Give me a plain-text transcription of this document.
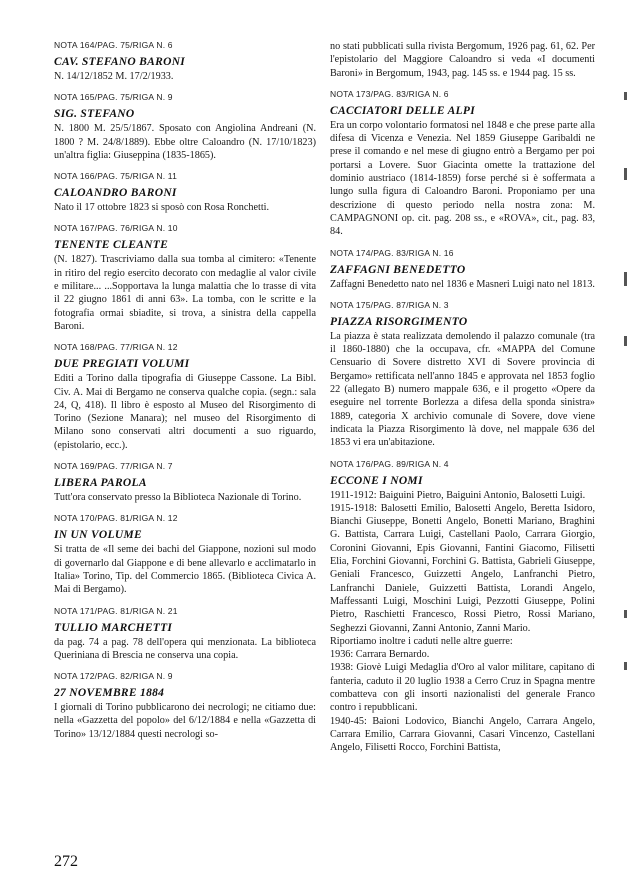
NOTA 164/PAG. 75/RIGA N. 6
CAV. STEFANO BARONI

N. 14/12/1852 M. 17/2/1933.

NOTA 165/PAG. 75/RIGA N. 9
SIG. STEFANO

N. 1800 M. 25/5/1867. Sposato con Angiolina Andreani (N. 1800 ? M. 24/8/1889). Ebbe oltre Caloandro (N. 17/10/1823) un'altra figlia: Giuseppina (1835-1865).

NOTA 166/PAG. 75/RIGA N. 11
CALOANDRO BARONI

Nato il 17 ottobre 1823 si sposò con Rosa Ronchetti.

NOTA 167/PAG. 76/RIGA N. 10
TENENTE CLEANTE

(N. 1827). Trascriviamo dalla sua tomba al cimitero: «Tenente in ritiro del regio esercito decorato con medaglie al valor civile e militare... ...Sopportava la lunga malattia che lo trasse di vita il 22 giugno 1861 di anni 63». La tomba, con le scritte e la fotografia ormai sbiadite, si trova, a sinistra della cappella Baroni.

NOTA 168/PAG. 77/RIGA N. 12
DUE PREGIATI VOLUMI

Editi a Torino dalla tipografia di Giuseppe Cassone. La Bibl. Civ. A. Mai di Bergamo ne conserva qualche copia. (segn.: sala 24, Q, 418). Il libro è esposto al Museo del Risorgimento di Torino (Sezione Manara); nel museo del Risorgimento di Milano sono conservati altri documenti a suo riguardo, (epistolario, ecc.).

NOTA 169/PAG. 77/RIGA N. 7
LIBERA PAROLA

Tutt'ora conservato presso la Biblioteca Nazionale di Torino.

NOTA 170/PAG. 81/RIGA N. 12
IN UN VOLUME

Si tratta de «Il seme dei bachi del Giappone, nozioni sul modo di governarlo dal Giappone e di bene allevarlo e acclimatarlo in Italia» Torino, Tip. del Commercio 1865. (Biblioteca Civica A. Mai di Bergamo).

NOTA 171/PAG. 81/RIGA N. 21
TULLIO MARCHETTI

da pag. 74 a pag. 78 dell'opera qui menzionata. La biblioteca Queriniana di Brescia ne conserva una copia.

NOTA 172/PAG. 82/RIGA N. 9
27 NOVEMBRE 1884

I giornali di Torino pubblicarono dei necrologi; ne citiamo due: nella «Gazzetta del popolo» del 6/12/1884 e nella «Gazzetta di Torino» 13/12/1884 questi necrologi so-

no stati pubblicati sulla rivista Bergomum, 1926 pag. 61, 62. Per l'epistolario del Maggiore Caloandro si veda «I documenti Baroni» in Bergomum, 1943, pag. 145 ss. e 1944 pag. 15 ss.

NOTA 173/PAG. 83/RIGA N. 6
CACCIATORI DELLE ALPI

Era un corpo volontario formatosi nel 1848 e che prese parte alla difesa di Vicenza e Venezia. Nel 1859 Giuseppe Garibaldi ne prese il comando e nel mese di giugno entrò a Bergamo per poi portarsi a Lovere. Suor Giacinta omette la trattazione del dominio austriaco (1814-1859) forse perché si è soffermata a lungo sulla figura di Caloandro Baroni. Proponiamo per una descrizione di questo periodo nella nostra zona: M. CAMPAGNONI op. cit. pag. 208 ss., e «ROVA», cit., pag. 83, 84.

NOTA 174/PAG. 83/RIGA N. 16
ZAFFAGNI BENEDETTO

Zaffagni Benedetto nato nel 1836 e Masneri Luigi nato nel 1813.

NOTA 175/PAG. 87/RIGA N. 3
PIAZZA RISORGIMENTO

La piazza è stata realizzata demolendo il palazzo comunale (tra il 1860-1880) che la occupava, cfr. «MAPPA del Comune Censuario di Sovere distretto XVI di Sovere provincia di Bergamo» rettificata nell'anno 1845 e approvata nel 1853 foglio 22 (allegato B) numero mappale 636, e il progetto «Opere da eseguire nel torrente Borlezza a difesa della sponda sinistra» 1889, categoria X archivio comunale di Sovere, dove viene indicata la Piazza Risorgimento là dove, nel mappale 636 del 1853 vi era un'abitazione.

NOTA 176/PAG. 89/RIGA N. 4
ECCONE I NOMI

1911-1912: Baiguini Pietro, Baiguini Antonio, Balosetti Luigi.

1915-1918: Balosetti Emilio, Balosetti Angelo, Beretta Isidoro, Bianchi Giuseppe, Bonetti Angelo, Bonetti Mariano, Braghini G. Battista, Carrara Luigi, Castellani Paolo, Carrara Giorgio, Coronini Giovanni, Epis Giovanni, Fantini Giacomo, Filisetti Elia, Forchini Giovanni, Forchini G. Battista, Gabrieli Giuseppe, Geniali Francesco, Guizzetti Angelo, Lanfranchi Pietro, Lanfranchi Daniele, Guizzetti Battista, Lorandi Angelo, Maffessanti Luigi, Moschini Luigi, Pezzotti Giuseppe, Polini Pietro, Raschietti Francesco, Rossi Pietro, Rossi Mariano, Seghezzi Giovanni, Zanni Antonio, Zanni Mario.

Riportiamo inoltre i caduti nelle altre guerre:

1936: Carrara Bernardo.

1938: Giovè Luigi Medaglia d'Oro al valor militare, capitano di fanteria, caduto il 20 luglio 1938 a Cerro Cruz in Spagna mentre combatteva con gli insorti nazionalisti del generale Franco contro i repubblicani.

1940-45: Baioni Lodovico, Bianchi Angelo, Carrara Angelo, Carrara Emilio, Carrara Giovanni, Casari Vincenzo, Castellani Angelo, Filisetti Rocco, Forchini Battista,

272
